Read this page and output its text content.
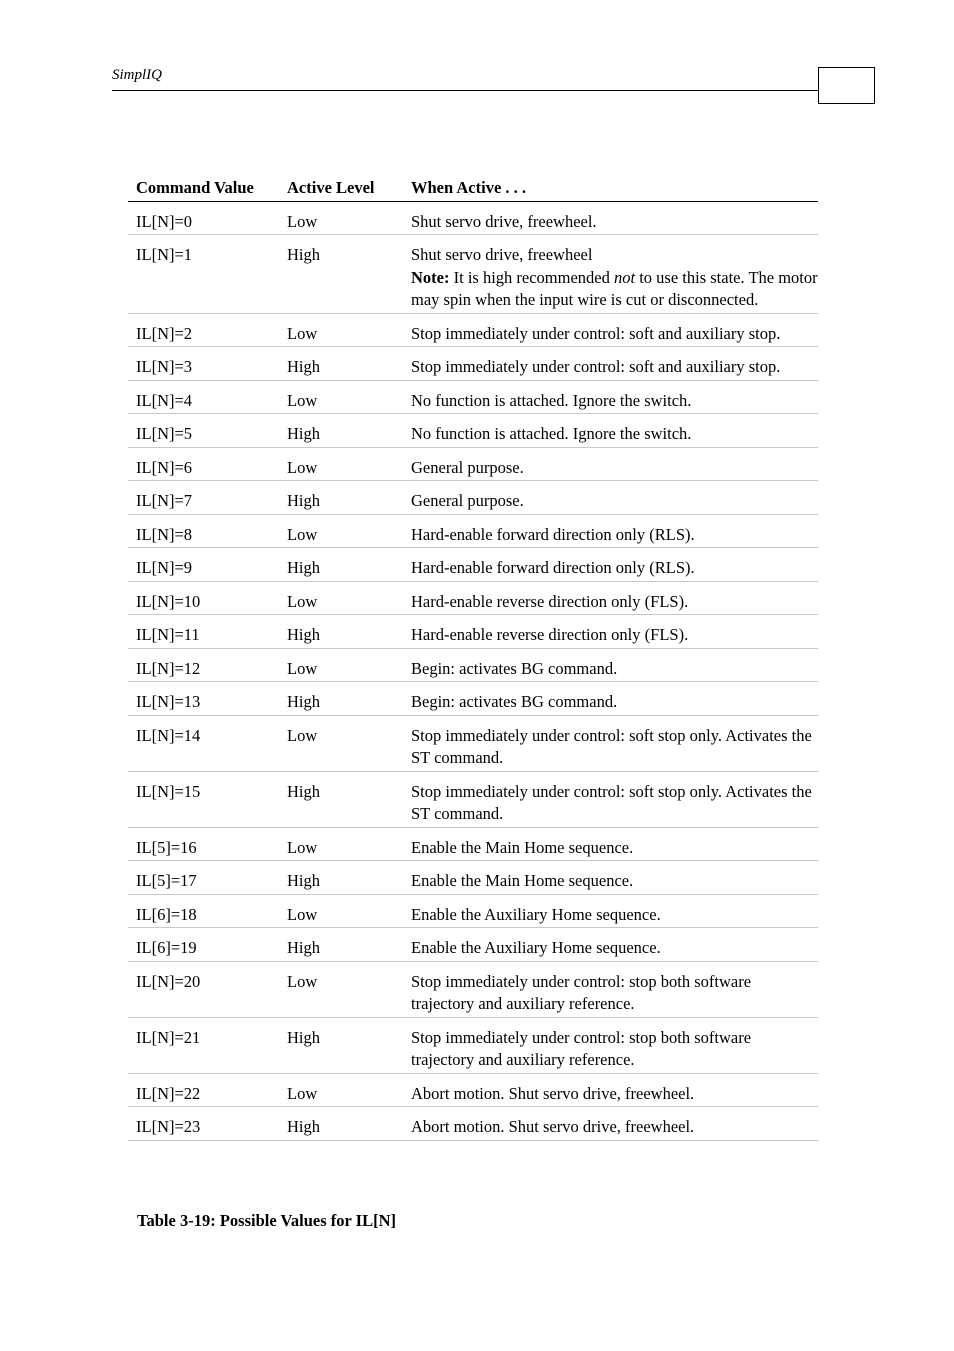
SimplIQ
Command Value	Active Level	When Active . . .
IL[N]=0	Low	Shut servo drive, freewheel.
IL[N]=1	High	Shut servo drive, freewheel
Note: It is high recommended not to use this state. The motor may spin when the input wire is cut or disconnected.
IL[N]=2	Low	Stop immediately under control: soft and auxiliary stop.
IL[N]=3	High	Stop immediately under control: soft and auxiliary stop.
IL[N]=4	Low	No function is attached. Ignore the switch.
IL[N]=5	High	No function is attached. Ignore the switch.
IL[N]=6	Low	General purpose.
IL[N]=7	High	General purpose.
IL[N]=8	Low	Hard-enable forward direction only (RLS).
IL[N]=9	High	Hard-enable forward direction only (RLS).
IL[N]=10	Low	Hard-enable reverse direction only (FLS).
IL[N]=11	High	Hard-enable reverse direction only (FLS).
IL[N]=12	Low	Begin: activates BG command.
IL[N]=13	High	Begin: activates BG command.
IL[N]=14	Low	Stop immediately under control: soft stop only. Activates the ST command.
IL[N]=15	High	Stop immediately under control: soft stop only. Activates the ST command.
IL[5]=16	Low	Enable the Main Home sequence.
IL[5]=17	High	Enable the Main Home sequence.
IL[6]=18	Low	Enable the Auxiliary Home sequence.
IL[6]=19	High	Enable the Auxiliary Home sequence.
IL[N]=20	Low	Stop immediately under control: stop both software trajectory and auxiliary reference.
IL[N]=21	High	Stop immediately under control: stop both software trajectory and auxiliary reference.
IL[N]=22	Low	Abort motion. Shut servo drive, freewheel.
IL[N]=23	High	Abort motion. Shut servo drive, freewheel.
Table 3-19: Possible Values for IL[N]
